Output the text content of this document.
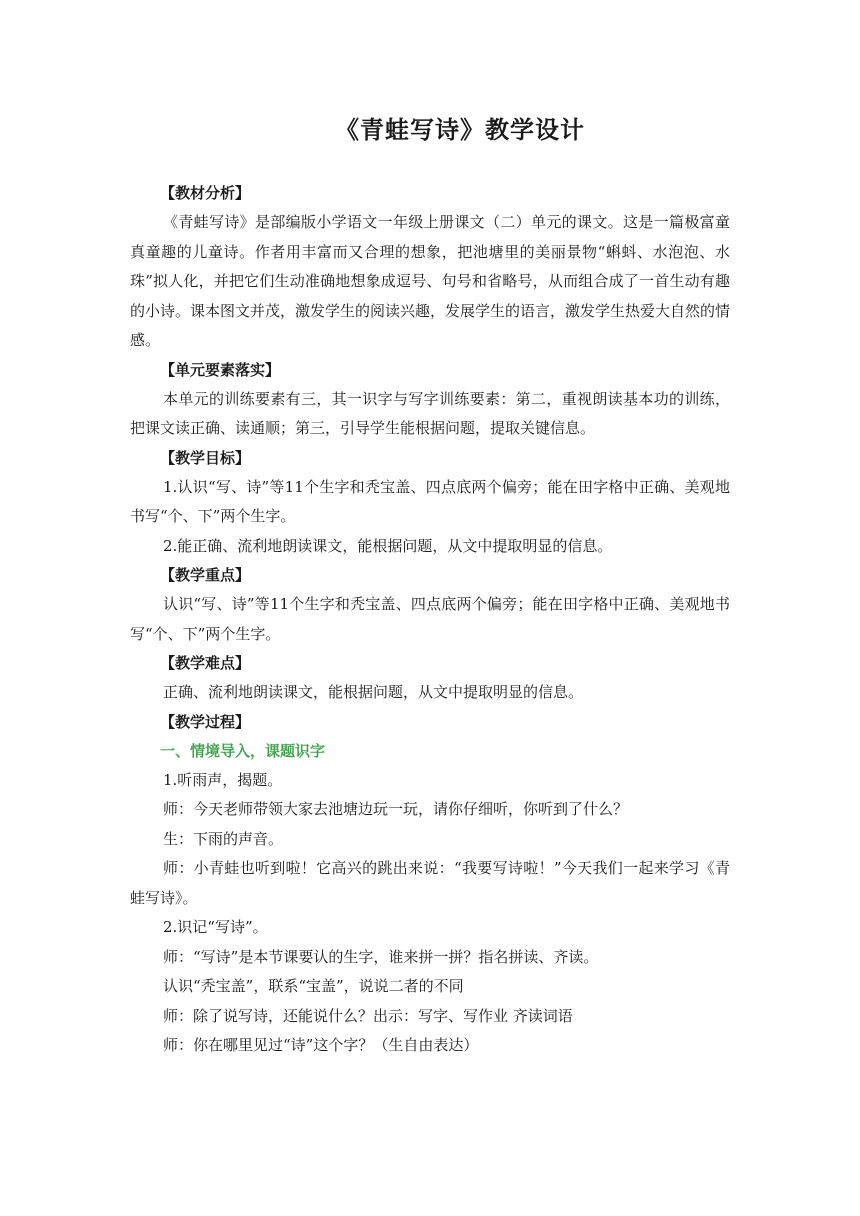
《青蛙写诗》教学设计
【教材分析】

《青蛙写诗》是部编版小学语文一年级上册课文（二）单元的课文。这是一篇极富童真童趣的儿童诗。作者用丰富而又合理的想象，把池塘里的美丽景物“蝌蚪、水泡泡、水珠”拟人化，并把它们生动准确地想象成逗号、句号和省略号，从而组合成了一首生动有趣的小诗。课本图文并茂，激发学生的阅读兴趣，发展学生的语言，激发学生热爱大自然的情感。

【单元要素落实】

本单元的训练要素有三，其一识字与写字训练要素：第二，重视朗读基本功的训练，把课文读正确、读通顺；第三，引导学生能根据问题，提取关键信息。

【教学目标】

1.认识“写、诗”等11个生字和秃宝盖、四点底两个偏旁；能在田字格中正确、美观地书写“个、下”两个生字。

2.能正确、流利地朗读课文，能根据问题，从文中提取明显的信息。

【教学重点】

认识“写、诗”等11个生字和秃宝盖、四点底两个偏旁；能在田字格中正确、美观地书写“个、下”两个生字。

【教学难点】

正确、流利地朗读课文，能根据问题，从文中提取明显的信息。

【教学过程】
一、情境导入，课题识字

1.听雨声，揭题。

师：今天老师带领大家去池塘边玩一玩，请你仔细听，你听到了什么？

生：下雨的声音。

师：小青蛙也听到啦！它高兴的跳出来说：“我要写诗啦！”今天我们一起来学习《青蛙写诗》。

2.识记“写诗”。

师：“写诗”是本节课要认的生字，谁来拼一拼？指名拼读、齐读。

认识“秃宝盖”，联系“宝盖”，说说二者的不同

师：除了说写诗，还能说什么？出示：写字、写作业 齐读词语

师：你在哪里见过“诗”这个字？（生自由表达）
